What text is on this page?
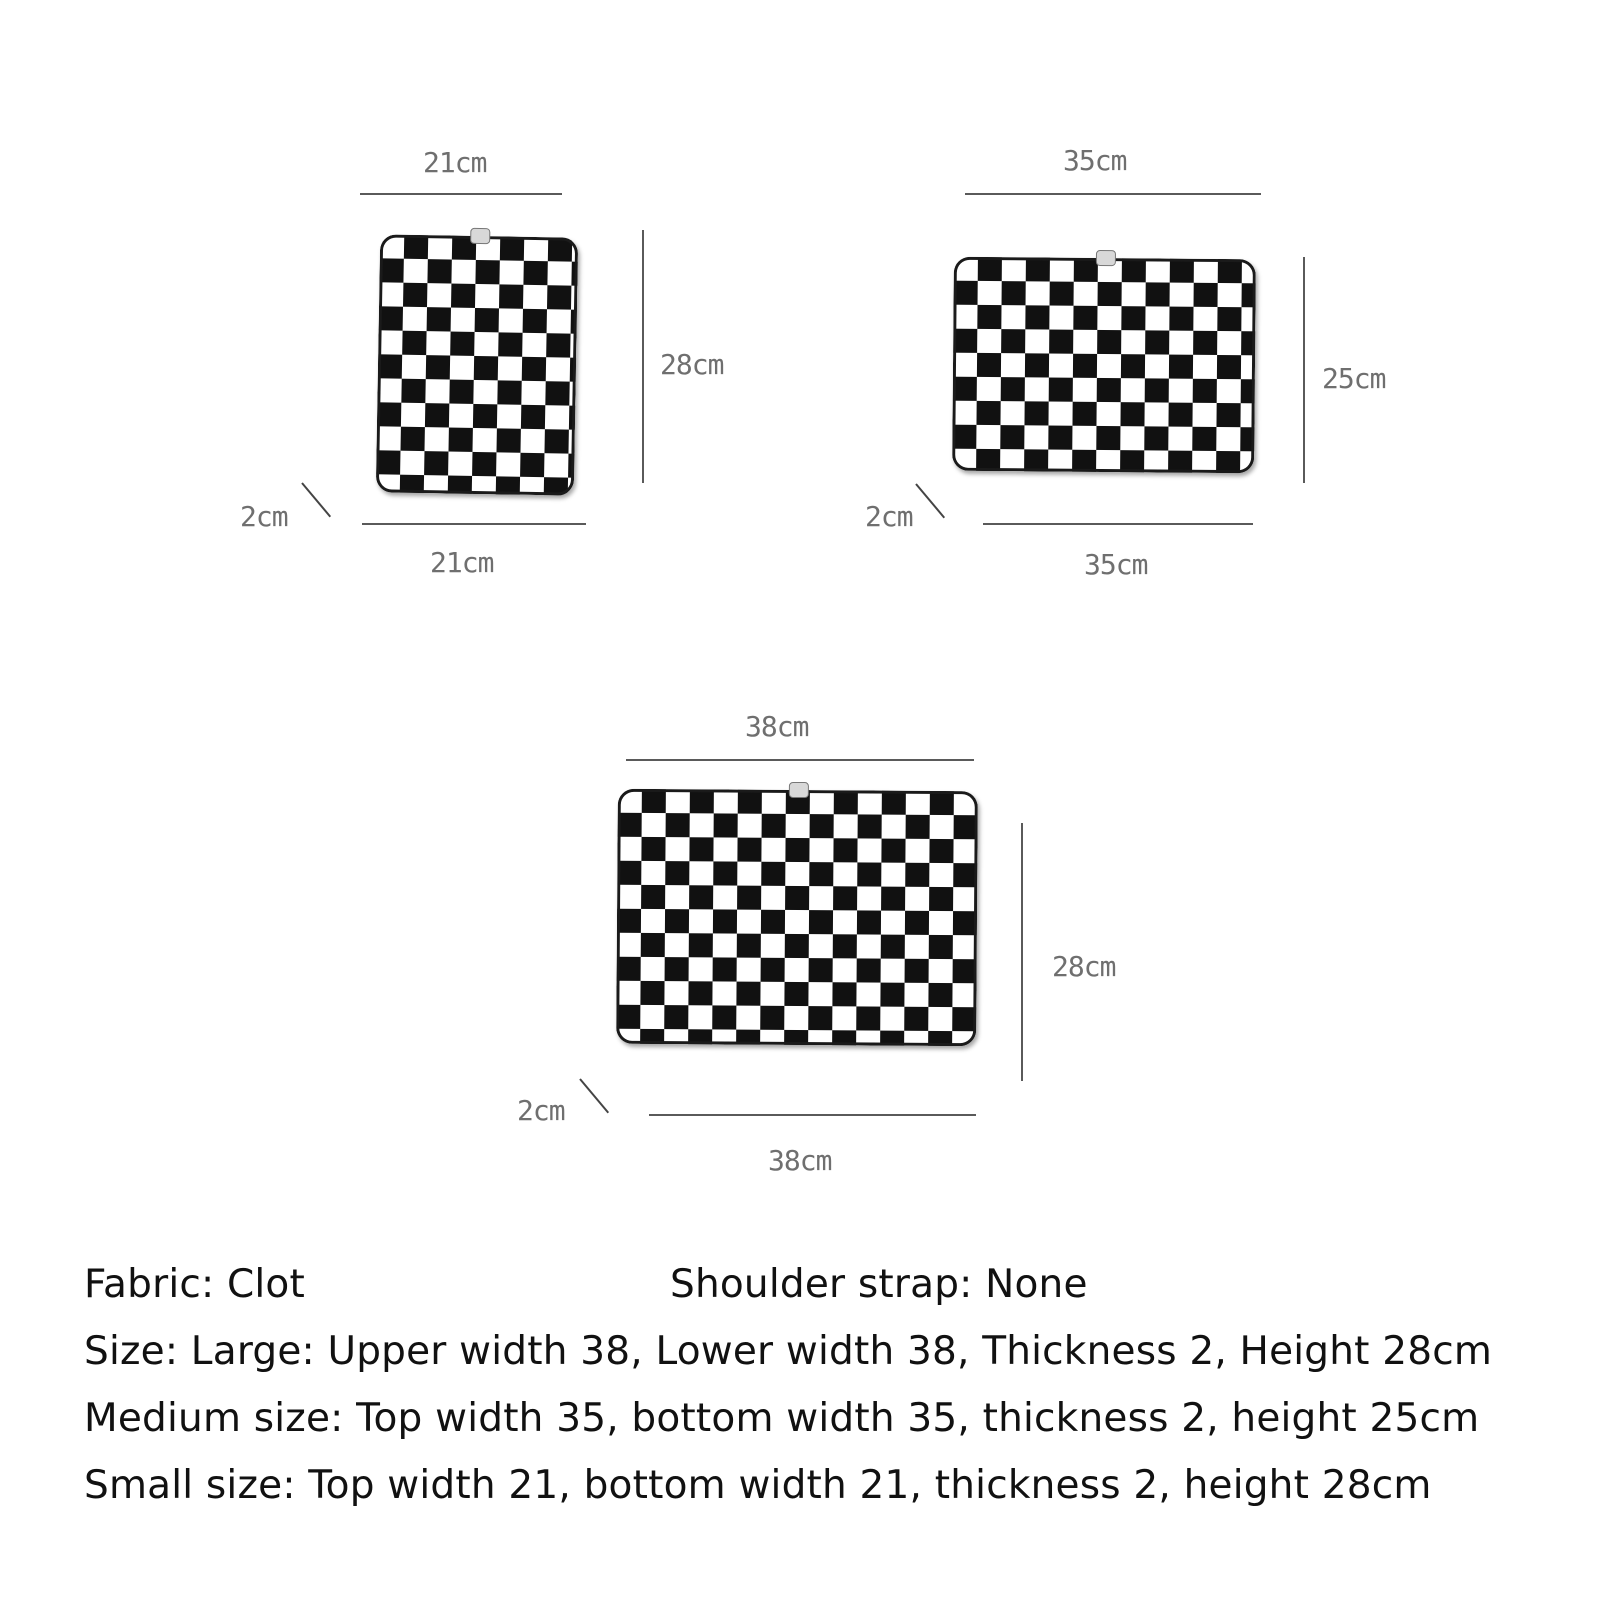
21cm
28cm
2cm
21cm
35cm
25cm
2cm
35cm
38cm
28cm
2cm
38cm
Fabric: Clot	Shoulder strap: None
Size: Large: Upper width 38, Lower width 38, Thickness 2, Height 28cm
Medium size: Top width 35, bottom width 35, thickness 2, height 25cm
Small size: Top width 21, bottom width 21, thickness 2, height 28cm
